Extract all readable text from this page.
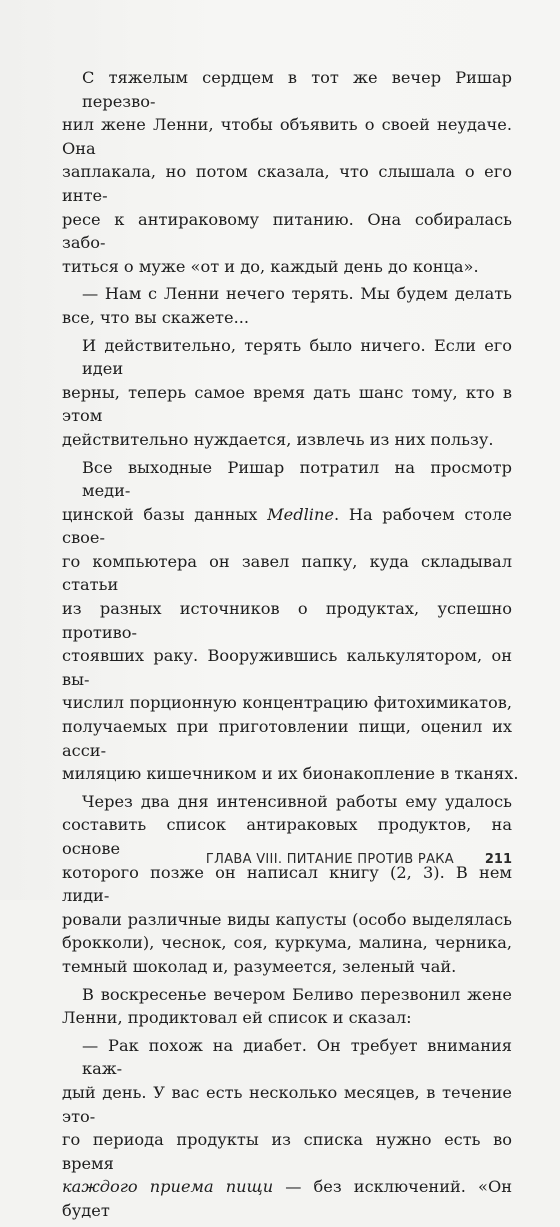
С тяжелым сердцем в тот же вечер Ришар перезво-
нил жене Ленни, чтобы объявить о своей неудаче. Она
заплакала, но потом сказала, что слышала о его инте-
ресе к антираковому питанию. Она собиралась забо-
титься о муже «от и до, каждый день до конца».
— Нам с Ленни нечего терять. Мы будем делать
все, что вы скажете...
И действительно, терять было ничего. Если его идеи
верны, теперь самое время дать шанс тому, кто в этом
действительно нуждается, извлечь из них пользу.
Все выходные Ришар потратил на просмотр меди-
цинской базы данных Medline. На рабочем столе свое-
го компьютера он завел папку, куда складывал статьи
из разных источников о продуктах, успешно противо-
стоявших раку. Вооружившись калькулятором, он вы-
числил порционную концентрацию фитохимикатов,
получаемых при приготовлении пищи, оценил их асси-
миляцию кишечником и их бионакопление в тканях.
Через два дня интенсивной работы ему удалось
составить список антираковых продуктов, на основе
которого позже он написал книгу (2, 3). В нем лиди-
ровали различные виды капусты (особо выделялась
брокколи), чеснок, соя, куркума, малина, черника,
темный шоколад и, разумеется, зеленый чай.
В воскресенье вечером Беливо перезвонил жене
Ленни, продиктовал ей список и сказал:
— Рак похож на диабет. Он требует внимания каж-
дый день. У вас есть несколько месяцев, в течение это-
го периода продукты из списка нужно есть во время
каждого приема пищи — без исключений. «Он будет
ГЛАВА VIII. ПИТАНИЕ ПРОТИВ РАКА 211
